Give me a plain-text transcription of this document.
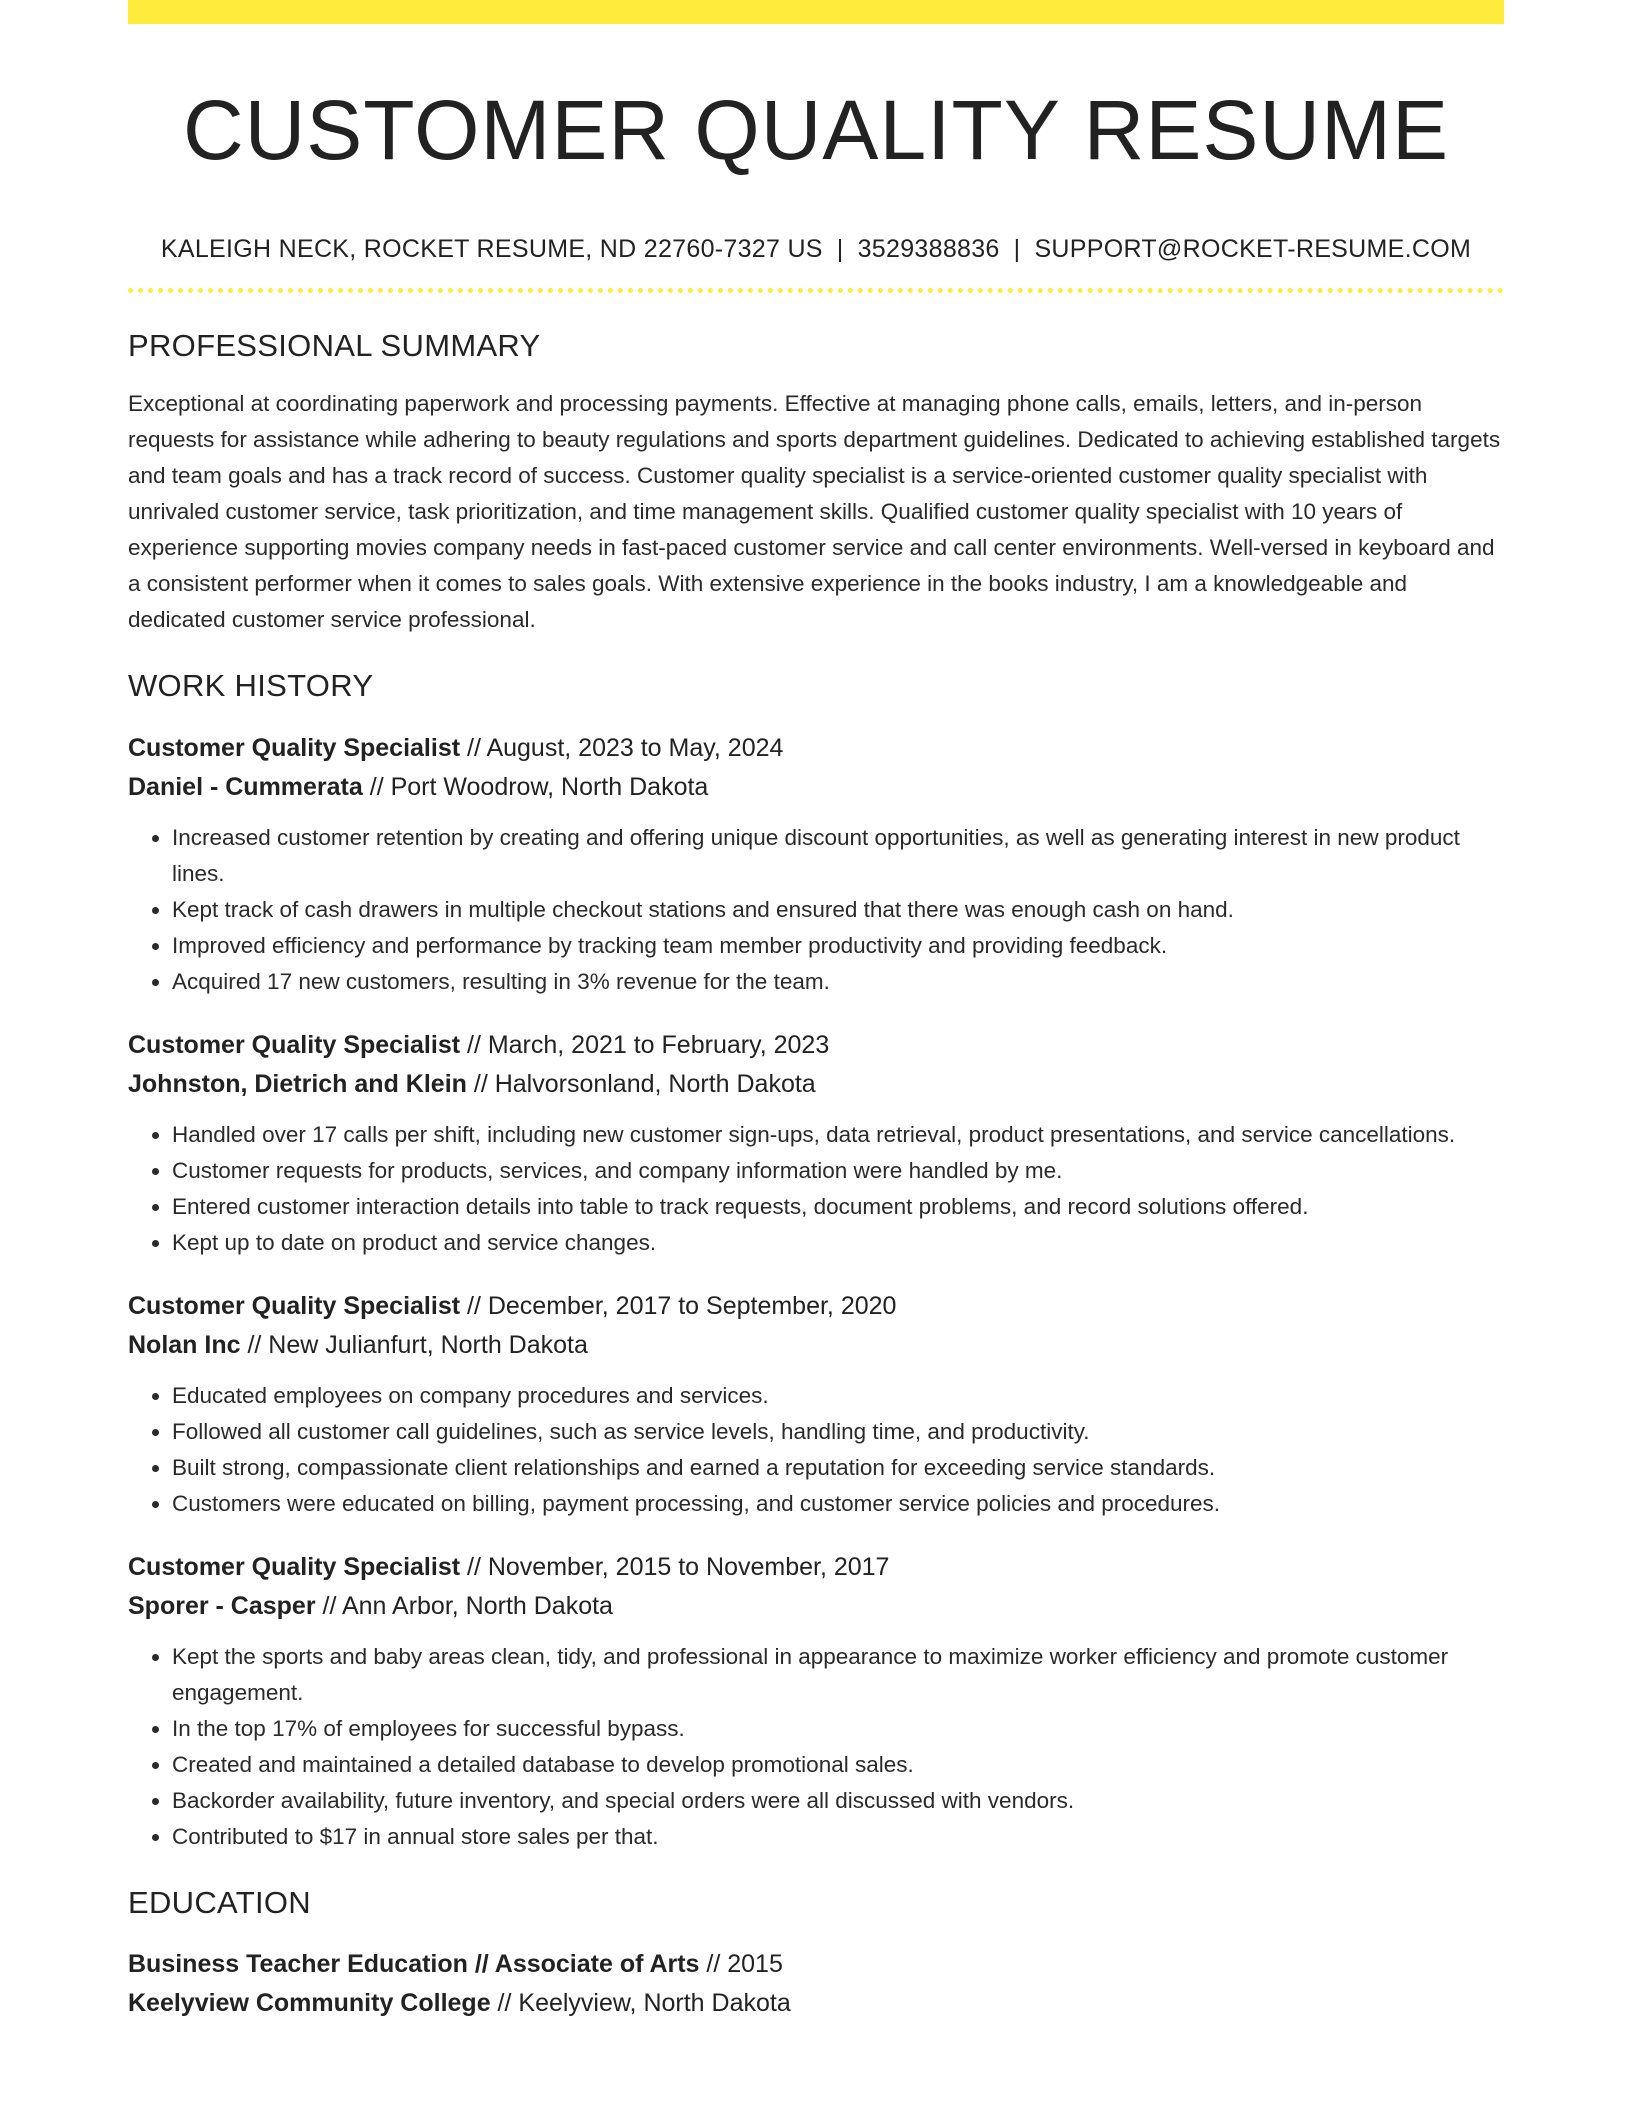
CUSTOMER QUALITY RESUME
KALEIGH NECK, ROCKET RESUME, ND 22760-7327 US | 3529388836 | SUPPORT@ROCKET-RESUME.COM
PROFESSIONAL SUMMARY
Exceptional at coordinating paperwork and processing payments. Effective at managing phone calls, emails, letters, and in-person requests for assistance while adhering to beauty regulations and sports department guidelines. Dedicated to achieving established targets and team goals and has a track record of success. Customer quality specialist is a service-oriented customer quality specialist with unrivaled customer service, task prioritization, and time management skills. Qualified customer quality specialist with 10 years of experience supporting movies company needs in fast-paced customer service and call center environments. Well-versed in keyboard and a consistent performer when it comes to sales goals. With extensive experience in the books industry, I am a knowledgeable and dedicated customer service professional.
WORK HISTORY
Customer Quality Specialist // August, 2023 to May, 2024
Daniel - Cummerata // Port Woodrow, North Dakota
• Increased customer retention by creating and offering unique discount opportunities, as well as generating interest in new product lines.
• Kept track of cash drawers in multiple checkout stations and ensured that there was enough cash on hand.
• Improved efficiency and performance by tracking team member productivity and providing feedback.
• Acquired 17 new customers, resulting in 3% revenue for the team.
Customer Quality Specialist // March, 2021 to February, 2023
Johnston, Dietrich and Klein // Halvorsonland, North Dakota
• Handled over 17 calls per shift, including new customer sign-ups, data retrieval, product presentations, and service cancellations.
• Customer requests for products, services, and company information were handled by me.
• Entered customer interaction details into table to track requests, document problems, and record solutions offered.
• Kept up to date on product and service changes.
Customer Quality Specialist // December, 2017 to September, 2020
Nolan Inc // New Julianfurt, North Dakota
• Educated employees on company procedures and services.
• Followed all customer call guidelines, such as service levels, handling time, and productivity.
• Built strong, compassionate client relationships and earned a reputation for exceeding service standards.
• Customers were educated on billing, payment processing, and customer service policies and procedures.
Customer Quality Specialist // November, 2015 to November, 2017
Sporer - Casper // Ann Arbor, North Dakota
• Kept the sports and baby areas clean, tidy, and professional in appearance to maximize worker efficiency and promote customer engagement.
• In the top 17% of employees for successful bypass.
• Created and maintained a detailed database to develop promotional sales.
• Backorder availability, future inventory, and special orders were all discussed with vendors.
• Contributed to $17 in annual store sales per that.
EDUCATION
Business Teacher Education // Associate of Arts // 2015
Keelyview Community College // Keelyview, North Dakota
